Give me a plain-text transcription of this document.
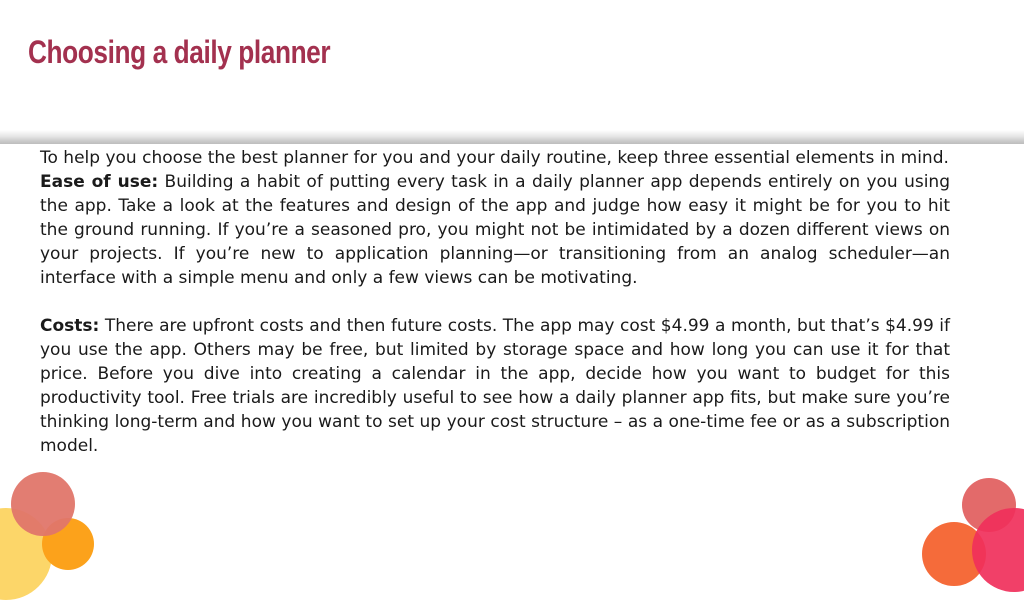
Choosing a daily planner

To help you choose the best planner for you and your daily routine, keep three essential elements in mind.

Ease of use: Building a habit of putting every task in a daily planner app depends entirely on you using the app. Take a look at the features and design of the app and judge how easy it might be for you to hit the ground running. If you’re a seasoned pro, you might not be intimidated by a dozen different views on your projects. If you’re new to application planning—or transitioning from an analog scheduler—an interface with a simple menu and only a few views can be motivating.

Costs: There are upfront costs and then future costs. The app may cost $4.99 a month, but that’s $4.99 if you use the app. Others may be free, but limited by storage space and how long you can use it for that price. Before you dive into creating a calendar in the app, decide how you want to budget for this productivity tool. Free trials are incredibly useful to see how a daily planner app fits, but make sure you’re thinking long-term and how you want to set up your cost structure – as a one-time fee or as a subscription model.
